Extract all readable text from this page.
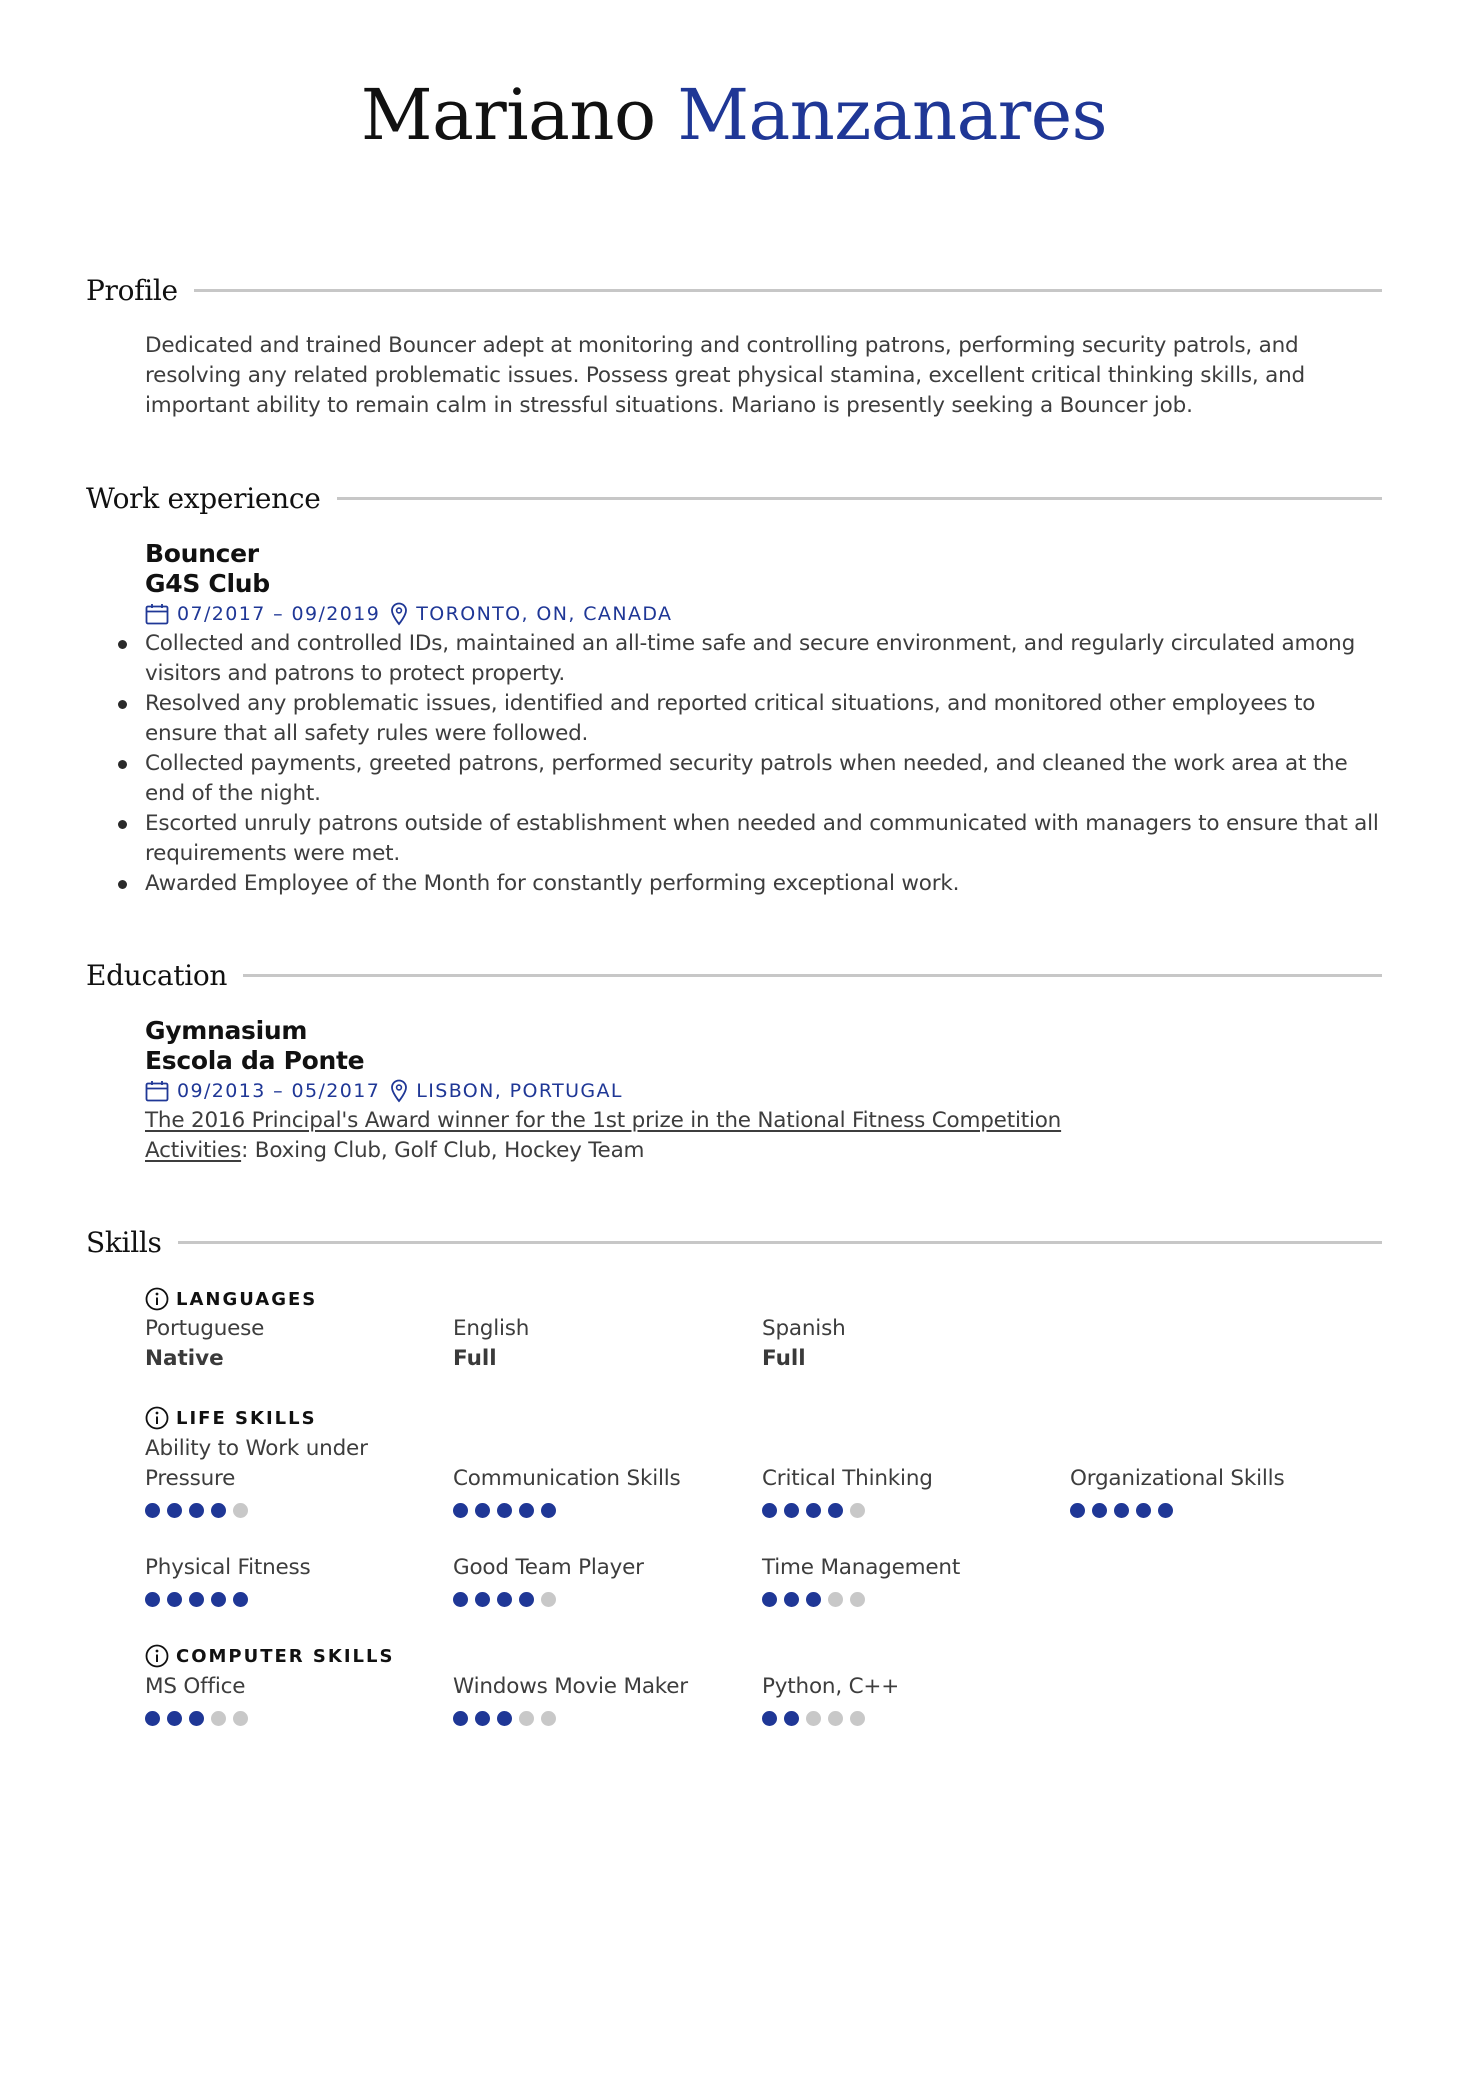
Mariano Manzanares
Profile

Dedicated and trained Bouncer adept at monitoring and controlling patrons, performing security patrols, and resolving any related problematic issues. Possess great physical stamina, excellent critical thinking skills, and important ability to remain calm in stressful situations. Mariano is presently seeking a Bouncer job.

Work experience
Bouncer
G4S Club
07/2017 – 09/2019 TORONTO, ON, CANADA
Collected and controlled IDs, maintained an all-time safe and secure environment, and regularly circulated among visitors and patrons to protect property.
Resolved any problematic issues, identified and reported critical situations, and monitored other employees to ensure that all safety rules were followed.
Collected payments, greeted patrons, performed security patrols when needed, and cleaned the work area at the end of the night.
Escorted unruly patrons outside of establishment when needed and communicated with managers to ensure that all requirements were met.
Awarded Employee of the Month for constantly performing exceptional work.
Education
Gymnasium
Escola da Ponte
09/2013 – 05/2017 LISBON, PORTUGAL
The 2016 Principal's Award winner for the 1st prize in the National Fitness Competition
Activities: Boxing Club, Golf Club, Hockey Team
Skills
LANGUAGES
Portuguese
Native
English
Full
Spanish
Full
LIFE SKILLS
Ability to Work under Pressure	Communication Skills	Critical Thinking	Organizational Skills
Physical Fitness	Good Team Player	Time Management
COMPUTER SKILLS
MS Office	Windows Movie Maker	Python, C++
